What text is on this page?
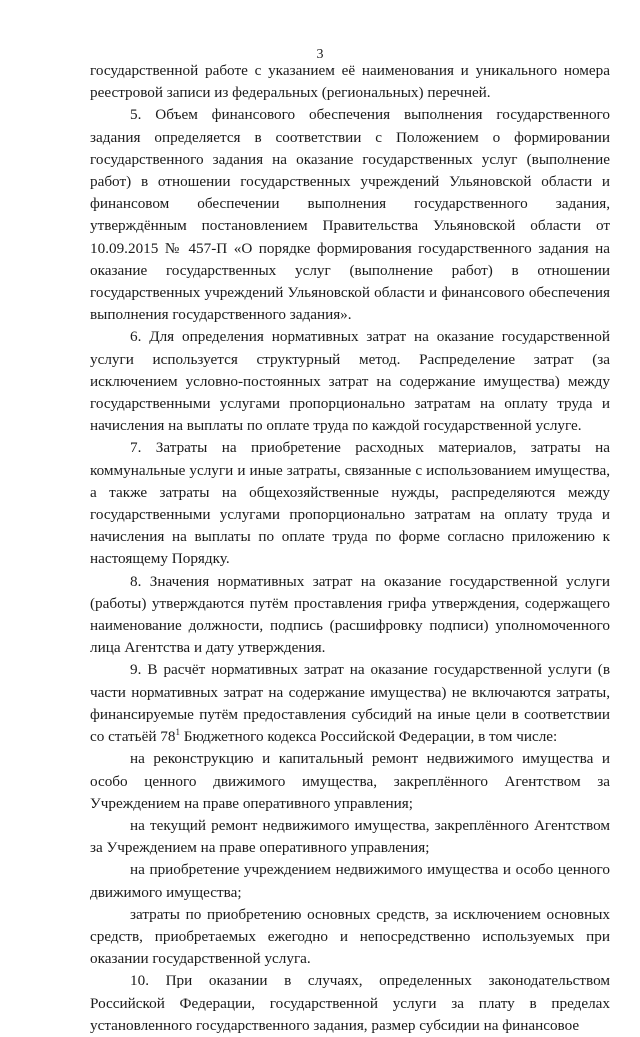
3

государственной работе с указанием её наименования и уникального номера реестровой записи из федеральных (региональных) перечней.

5. Объем финансового обеспечения выполнения государственного задания определяется в соответствии с Положением о формировании государственного задания на оказание государственных услуг (выполнение работ) в отношении государственных учреждений Ульяновской области и финансовом обеспечении выполнения государственного задания, утверждённым постановлением Правительства Ульяновской области от 10.09.2015 № 457-П «О порядке формирования государственного задания на оказание государственных услуг (выполнение работ) в отношении государственных учреждений Ульяновской области и финансового обеспечения выполнения государственного задания».

6. Для определения нормативных затрат на оказание государственной услуги используется структурный метод. Распределение затрат (за исключением условно-постоянных затрат на содержание имущества) между государственными услугами пропорционально затратам на оплату труда и начисления на выплаты по оплате труда по каждой государственной услуге.

7. Затраты на приобретение расходных материалов, затраты на коммунальные услуги и иные затраты, связанные с использованием имущества, а также затраты на общехозяйственные нужды, распределяются между государственными услугами пропорционально затратам на оплату труда и начисления на выплаты по оплате труда по форме согласно приложению к настоящему Порядку.

8. Значения нормативных затрат на оказание государственной услуги (работы) утверждаются путём проставления грифа утверждения, содержащего наименование должности, подпись (расшифровку подписи) уполномоченного лица Агентства и дату утверждения.

9. В расчёт нормативных затрат на оказание государственной услуги (в части нормативных затрат на содержание имущества) не включаются затраты, финансируемые путём предоставления субсидий на иные цели в соответствии со статьёй $78^1$ Бюджетного кодекса Российской Федерации, в том числе:

на реконструкцию и капитальный ремонт недвижимого имущества и особо ценного движимого имущества, закреплённого Агентством за Учреждением на праве оперативного управления;

на текущий ремонт недвижимого имущества, закреплённого Агентством за Учреждением на праве оперативного управления;

на приобретение учреждением недвижимого имущества и особо ценного движимого имущества;

затраты по приобретению основных средств, за исключением основных средств, приобретаемых ежегодно и непосредственно используемых при оказании государственной услуга.

10. При оказании в случаях, определенных законодательством Российской Федерации, государственной услуги за плату в пределах установленного государственного задания, размер субсидии на финансовое
